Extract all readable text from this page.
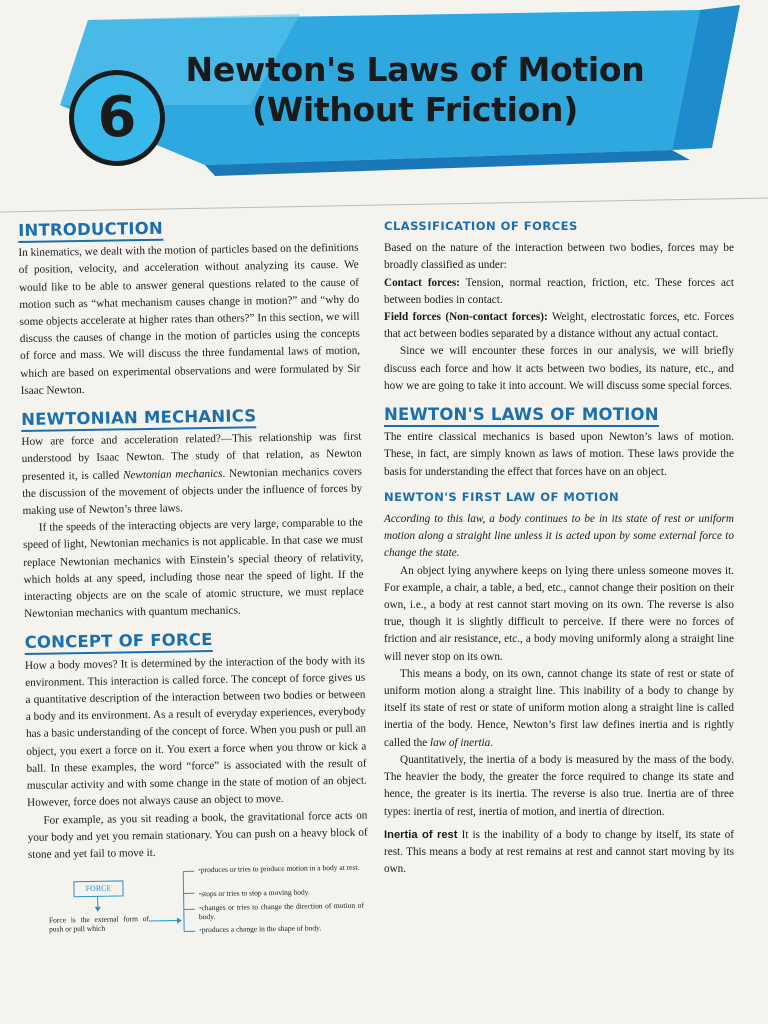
6
Newton's Laws of Motion
(Without Friction)
INTRODUCTION

In kinematics, we dealt with the motion of particles based on the definitions of position, velocity, and acceleration without analyzing its cause. We would like to be able to answer general questions related to the cause of motion such as “what mechanism causes change in motion?” and “why do some objects accelerate at higher rates than others?” In this section, we will discuss the causes of change in the motion of particles using the concepts of force and mass. We will discuss the three fundamental laws of motion, which are based on experimental observations and were formulated by Sir Isaac Newton.

NEWTONIAN MECHANICS

How are force and acceleration related?—This relationship was first understood by Isaac Newton. The study of that relation, as Newton presented it, is called Newtonian mechanics. Newtonian mechanics covers the discussion of the movement of objects under the influence of forces by making use of Newton’s three laws.

If the speeds of the interacting objects are very large, comparable to the speed of light, Newtonian mechanics is not applicable. In that case we must replace Newtonian mechanics with Einstein’s special theory of relativity, which holds at any speed, including those near the speed of light. If the interacting objects are on the scale of atomic structure, we must replace Newtonian mechanics with quantum mechanics.

CONCEPT OF FORCE

How a body moves? It is determined by the interaction of the body with its environment. This interaction is called force. The concept of force gives us a quantitative description of the interaction between two bodies or between a body and its environment. As a result of everyday experiences, everybody has a basic understanding of the concept of force. When you push or pull an object, you exert a force on it. You exert a force when you throw or kick a ball. In these examples, the word “force” is associated with the result of muscular activity and with some change in the state of motion of an object. However, force does not always cause an object to move.

For example, as you sit reading a book, the gravitational force acts on your body and yet you remain stationary. You can push on a heavy block of stone and yet fail to move it.

FORCE
Force is the external form of push or pull which
•produces or tries to produce motion in a body at rest.
•stops or tries to stop a moving body.
•changes or tries to change the direction of motion of body.
•produces a change in the shape of body.
CLASSIFICATION OF FORCES

Based on the nature of the interaction between two bodies, forces may be broadly classified as under:

Contact forces: Tension, normal reaction, friction, etc. These forces act between bodies in contact.

Field forces (Non-contact forces): Weight, electrostatic forces, etc. Forces that act between bodies separated by a distance without any actual contact.

Since we will encounter these forces in our analysis, we will briefly discuss each force and how it acts between two bodies, its nature, etc., and how we are going to take it into account. We will discuss some special forces.

NEWTON'S LAWS OF MOTION

The entire classical mechanics is based upon Newton’s laws of motion. These, in fact, are simply known as laws of motion. These laws provide the basis for understanding the effect that forces have on an object.

NEWTON'S FIRST LAW OF MOTION

According to this law, a body continues to be in its state of rest or uniform motion along a straight line unless it is acted upon by some external force to change the state.

An object lying anywhere keeps on lying there unless someone moves it. For example, a chair, a table, a bed, etc., cannot change their position on their own, i.e., a body at rest cannot start moving on its own. The reverse is also true, though it is slightly difficult to perceive. If there were no forces of friction and air resistance, etc., a body moving uniformly along a straight line will never stop on its own.

This means a body, on its own, cannot change its state of rest or state of uniform motion along a straight line. This inability of a body to change by itself its state of rest or state of uniform motion along a straight line is called inertia of the body. Hence, Newton’s first law defines inertia and is rightly called the law of inertia.

Quantitatively, the inertia of a body is measured by the mass of the body. The heavier the body, the greater the force required to change its state and hence, the greater is its inertia. The reverse is also true. Inertia are of three types: inertia of rest, inertia of motion, and inertia of direction.

Inertia of rest It is the inability of a body to change by itself, its state of rest. This means a body at rest remains at rest and cannot start moving by its own.
